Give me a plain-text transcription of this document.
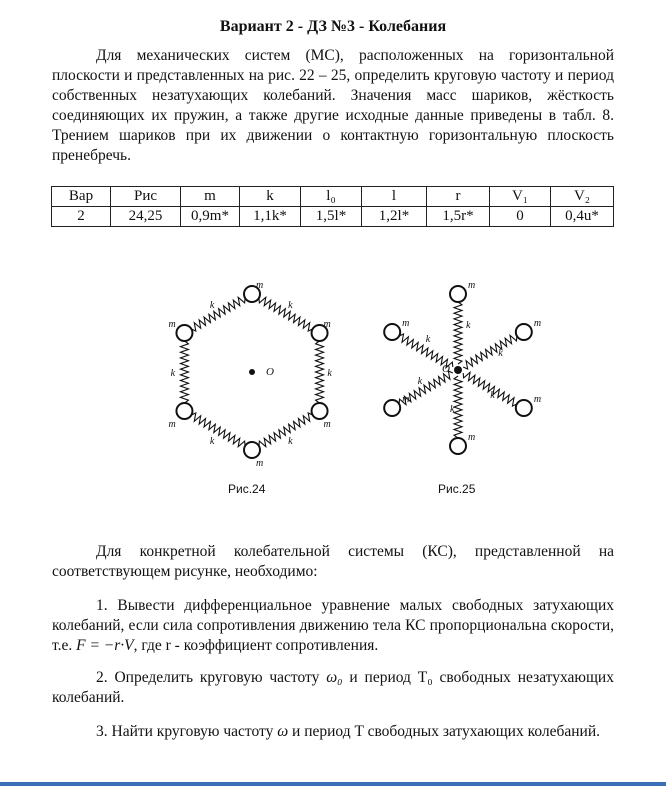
Вариант 2 - ДЗ №3 - Колебания
Для механических систем (МС), расположенных на горизонтальной плоскости и представленных на рис. 22 – 25, определить круговую частоту и период собственных незатухающих колебаний. Значения масс шариков, жёсткость соединяющих их пружин, а также другие исходные данные приведены в табл. 8. Трением шариков при их движении о контактную горизонтальную плоскость пренебречь.
Вар	Рис	m	k	l₀	l	r	V₁	V₂
2	24,25	0,9m*	1,1k*	1,5l*	1,2l*	1,5r*	0	0,4u*
k
k
k
k
k
k
m
m
m
m
m
m
O
Рис.24
m
k	m
k
m
k
m
k
m
k
m
k
O
Рис.25
Для конкретной колебательной системы (КС), представленной на соответствующем рисунке, необходимо:
1. Вывести дифференциальное уравнение малых свободных затухающих колебаний, если сила сопротивления движению тела КС пропорциональна скорости, т.е. F = −r·V, где r - коэффициент сопротивления.
2. Определить круговую частоту ω₀ и период T₀ свободных незатухающих колебаний.
3. Найти круговую частоту ω и период T свободных затухающих колебаний.
